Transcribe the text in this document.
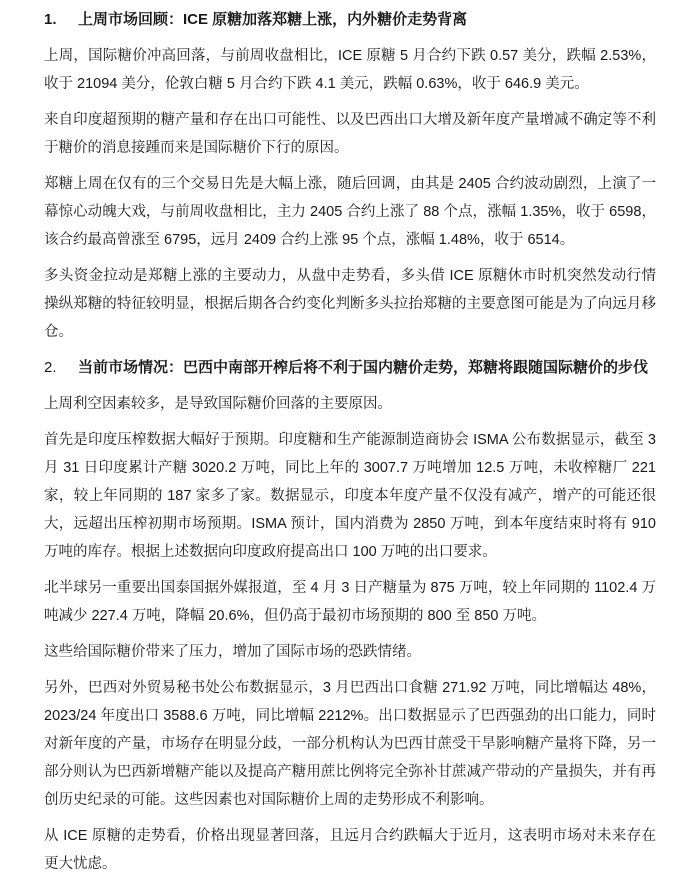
1.	上周市场回顾：ICE 原糖加落郑糖上涨，内外糖价走势背离

上周，国际糖价冲高回落，与前周收盘相比，ICE 原糖 5 月合约下跌 0.57 美分，跌幅 2.53%，收于 21094 美分，伦敦白糖 5 月合约下跌 4.1 美元，跌幅 0.63%，收于 646.9 美元。

来自印度超预期的糖产量和存在出口可能性、以及巴西出口大增及新年度产量增减不确定等不利于糖价的消息接踵而来是国际糖价下行的原因。

郑糖上周在仅有的三个交易日先是大幅上涨，随后回调，由其是 2405 合约波动剧烈，上演了一幕惊心动魄大戏，与前周收盘相比，主力 2405 合约上涨了 88 个点，涨幅 1.35%，收于 6598，该合约最高曾涨至 6795，远月 2409 合约上涨 95 个点，涨幅 1.48%，收于 6514。

多头资金拉动是郑糖上涨的主要动力，从盘中走势看，多头借 ICE 原糖休市时机突然发动行情操纵郑糖的特征较明显，根据后期各合约变化判断多头拉抬郑糖的主要意图可能是为了向远月移仓。

2.	当前市场情况：巴西中南部开榨后将不利于国内糖价走势，郑糖将跟随国际糖价的步伐

上周利空因素较多，是导致国际糖价回落的主要原因。

首先是印度压榨数据大幅好于预期。印度糖和生产能源制造商协会 ISMA 公布数据显示，截至 3 月 31 日印度累计产糖 3020.2 万吨，同比上年的 3007.7 万吨增加 12.5 万吨，未收榨糖厂 221 家，较上年同期的 187 家多了家。数据显示，印度本年度产量不仅没有减产，增产的可能还很大，远超出压榨初期市场预期。ISMA 预计，国内消费为 2850 万吨，到本年度结束时将有 910 万吨的库存。根据上述数据向印度政府提高出口 100 万吨的出口要求。

北半球另一重要出国泰国据外媒报道，至 4 月 3 日产糖量为 875 万吨，较上年同期的 1102.4 万吨减少 227.4 万吨，降幅 20.6%，但仍高于最初市场预期的 800 至 850 万吨。

这些给国际糖价带来了压力，增加了国际市场的恐跌情绪。

另外，巴西对外贸易秘书处公布数据显示，3 月巴西出口食糖 271.92 万吨，同比增幅达 48%，2023/24 年度出口 3588.6 万吨，同比增幅 2212%。出口数据显示了巴西强劲的出口能力，同时对新年度的产量，市场存在明显分歧，一部分机构认为巴西甘蔗受干旱影响糖产量将下降，另一部分则认为巴西新增糖产能以及提高产糖用蔗比例将完全弥补甘蔗减产带动的产量损失，并有再创历史纪录的可能。这些因素也对国际糖价上周的走势形成不利影响。

从 ICE 原糖的走势看，价格出现显著回落，且远月合约跌幅大于近月，这表明市场对未来存在更大忧虑。
